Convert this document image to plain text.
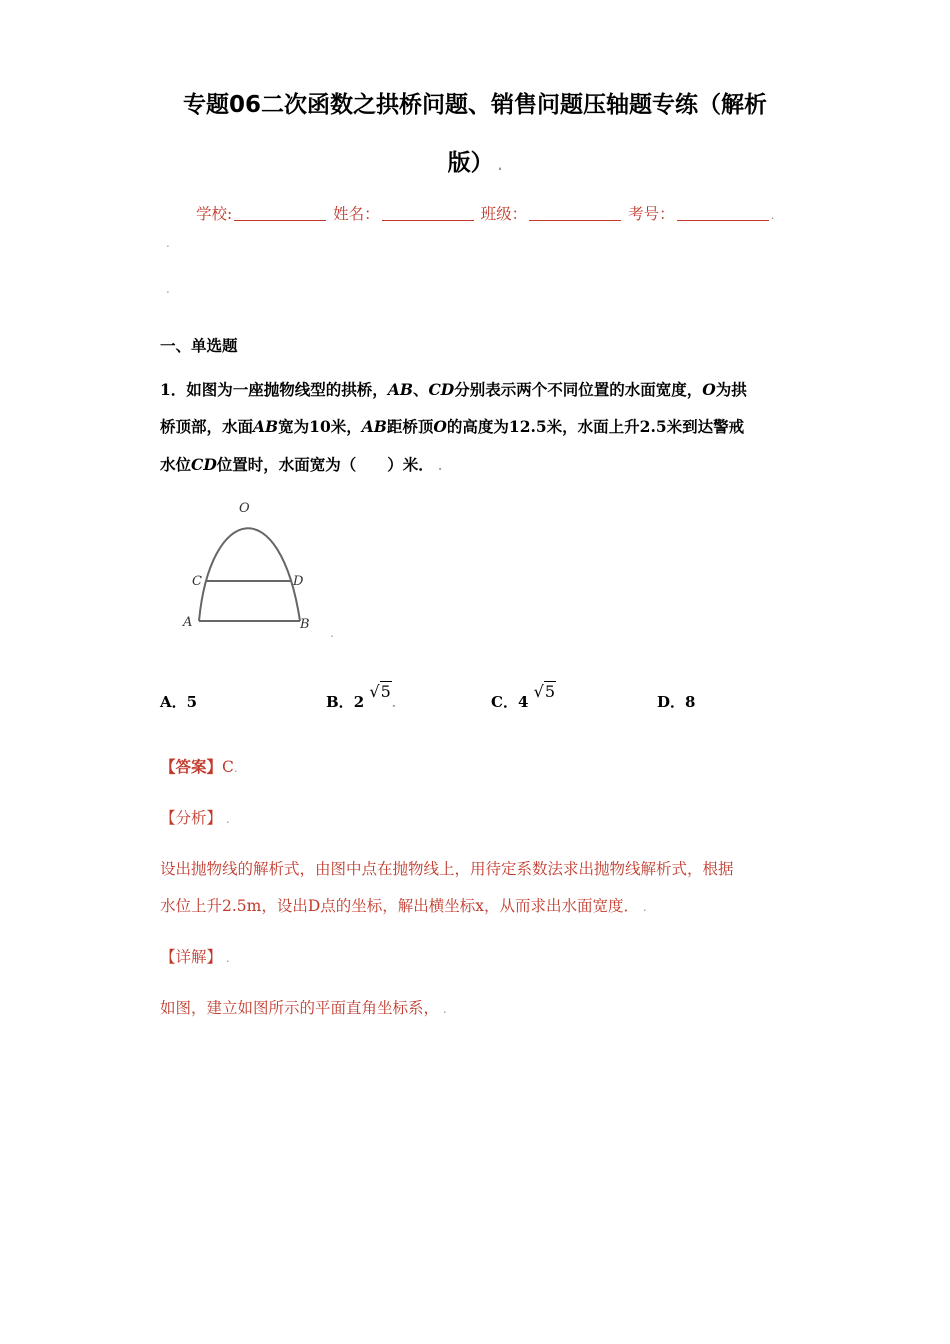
专题06二次函数之拱桥问题、销售问题压轴题专练（解析
版） .
学校:	姓名：	班级：	考号：	.
.
.
一、单选题
1．如图为一座抛物线型的拱桥，AB、CD分别表示两个不同位置的水面宽度，O为拱
桥顶部，水面AB宽为10米，AB距桥顶O的高度为12.5米，水面上升2.5米到达警戒
水位CD位置时，水面宽为（　　）米． .
O
C	D
A	B
.
A．5	B．2 √5.	C．4 √5
D．8
【答案】C.
【分析】 .
设出抛物线的解析式，由图中点在抛物线上，用待定系数法求出抛物线解析式，根据
水位上升2.5m，设出D点的坐标，解出横坐标x，从而求出水面宽度． .
【详解】 .
如图，建立如图所示的平面直角坐标系， .
